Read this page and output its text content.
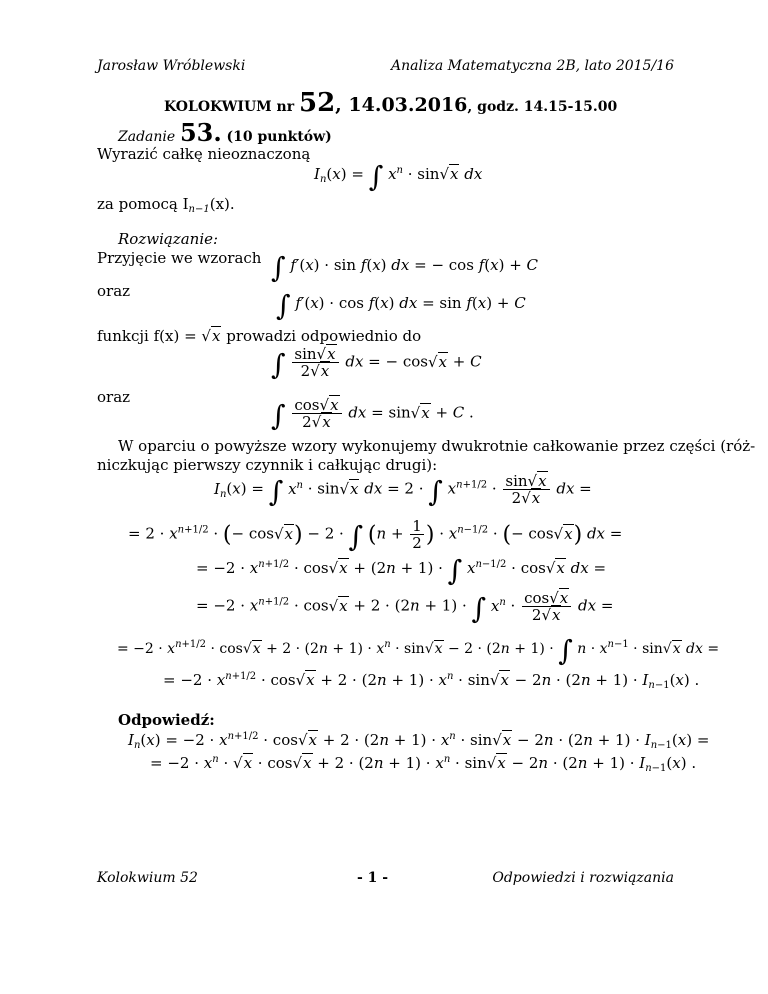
Jarosław Wróblewski	Analiza Matematyczna 2B, lato 2015/16
KOLOKWIUM nr 52, 14.03.2016, godz. 14.15-15.00
Zadanie 53. (10 punktów)
Wyrazić całkę nieoznaczoną
$I_n(x)$ = ∫ $x^n \cdot \sin√x$ dx
za pomocą $I_{n-1}(x)$.
Rozwiązanie:
Przyjęcie we wzorach ∫ f′(x) · sin f(x) dx = − cos f(x) + C
oraz	∫ f′(x) · cos f(x) dx = sin f(x) + C
funkcji f(x) = √x prowadzi odpowiednio do
∫ $\frac{\sin√x}{2√x}$ dx = − cos√x + C
oraz
∫ $\frac{\cos√x}{2√x}$ dx = sin√x + C .
W oparciu o powyższe wzory wykonujemy dwukrotnie całkowanie przez części (róż-
niczkując pierwszy czynnik i całkując drugi):
$I_n(x)$ = ∫ $x^n \cdot \sin√x$ dx = 2 · ∫ $x^{n+1/2} \cdot \frac{\sin√x}{2√x}$ dx =
= $2 \cdot x^{n+1/2}$ · (− cos√x) − 2 · ∫ ($n + \frac{1}{2}$ ) · $x^{n-1/2}$ · (− cos√x) dx =
= $-2 \cdot x^{n+1/2} \cdot \cos√x + (2n + 1)$ · ∫ $x^{n-1/2} \cdot \cos√x$ dx =
= $-2 \cdot x^{n+1/2} \cdot \cos√x + 2 \cdot (2n + 1)$ · ∫ $x^n \cdot \frac{\cos√x}{2√x}$ dx =
= $-2 \cdot x^{n+1/2} \cdot \cos√x + 2 \cdot (2n + 1) \cdot x^n \cdot \sin√x - 2 \cdot (2n + 1)$ · ∫ $n \cdot x^{n-1} \cdot \sin√x$ dx =
= $-2 \cdot x^{n+1/2} \cdot \cos√x + 2 \cdot (2n + 1) \cdot x^n \cdot \sin√x - 2n \cdot (2n + 1) \cdot I_{n-1}(x)$ .
Odpowiedź:
$I_n(x) = -2 \cdot x^{n+1/2} \cdot \cos√x + 2 \cdot (2n + 1) \cdot x^n \cdot \sin√x - 2n \cdot (2n + 1) \cdot I_{n-1}(x)$ =
= $-2 \cdot x^n \cdot √x \cdot \cos√x + 2 \cdot (2n + 1) \cdot x^n \cdot \sin√x - 2n \cdot (2n + 1) \cdot I_{n-1}(x)$ .
Kolokwium 52	- 1 -	Odpowiedzi i rozwiązania
